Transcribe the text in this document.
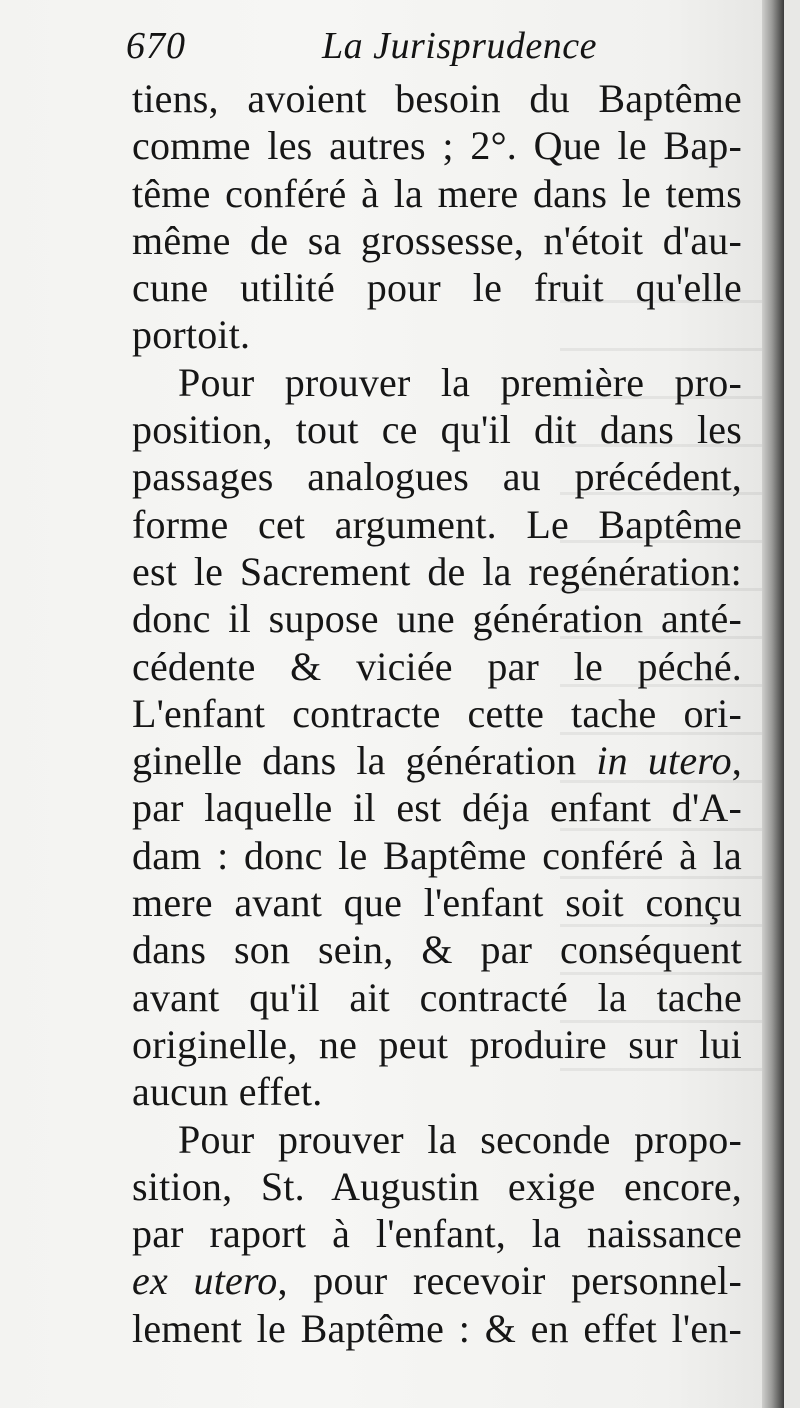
670	La Jurisprudence
tiens, avoient besoin du Baptême
comme les autres ; 2°. Que le Bap-
tême conféré à la mere dans le tems
même de sa grossesse, n'étoit d'au-
cune utilité pour le fruit qu'elle
portoit.
Pour prouver la première pro-
position, tout ce qu'il dit dans les
passages analogues au précédent,
forme cet argument. Le Baptême
est le Sacrement de la regénération:
donc il supose une génération anté-
cédente & viciée par le péché.
L'enfant contracte cette tache ori-
ginelle dans la génération in utero,
par laquelle il est déja enfant d'A-
dam : donc le Baptême conféré à la
mere avant que l'enfant soit conçu
dans son sein, & par conséquent
avant qu'il ait contracté la tache
originelle, ne peut produire sur lui
aucun effet.
Pour prouver la seconde propo-
sition, St. Augustin exige encore,
par raport à l'enfant, la naissance
ex utero, pour recevoir personnel-
lement le Baptême : & en effet l'en-
